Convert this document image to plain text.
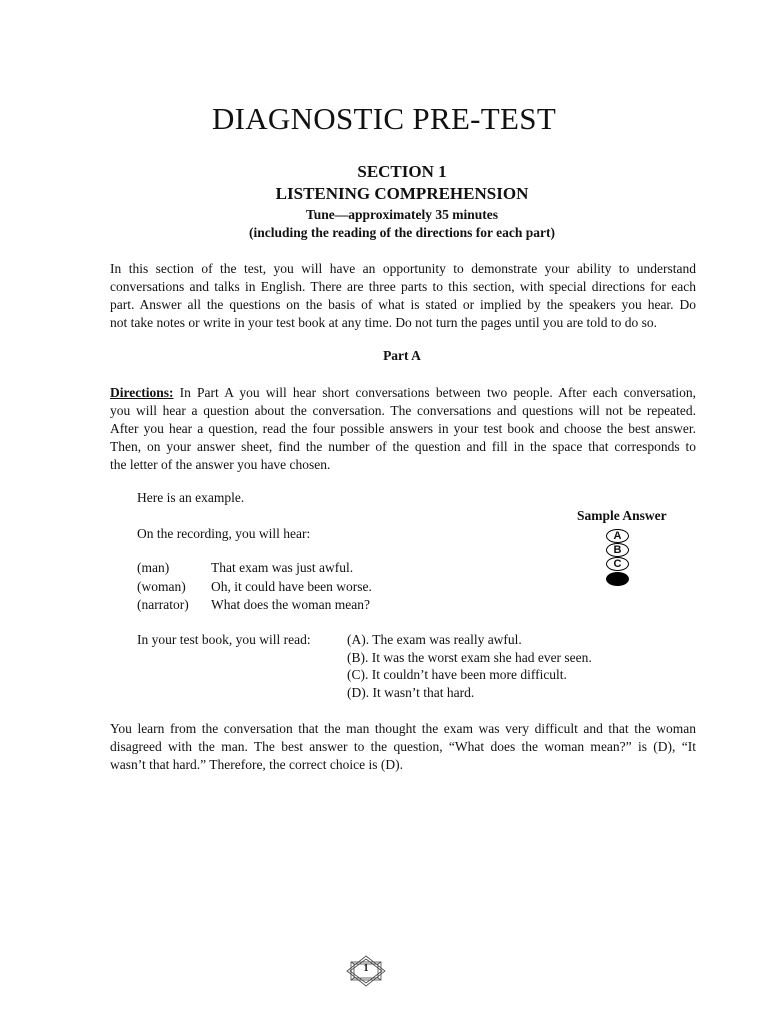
DIAGNOSTIC PRE-TEST
SECTION 1
LISTENING COMPREHENSION
Tune—approximately 35 minutes
(including the reading of the directions for each part)
In this section of the test, you will have an opportunity to demonstrate your ability to understand
conversations and talks in English. There are three parts to this section, with special directions for each
part. Answer all the questions on the basis of what is stated or implied by the speakers you hear. Do
not take notes or write in your test book at any time. Do not turn the pages until you are told to do so.
Part A
Directions: In Part A you will hear short conversations between two people. After each conversation,
you will hear a question about the conversation. The conversations and questions will not be repeated.
After you hear a question, read the four possible answers in your test book and choose the best answer.
Then, on your answer sheet, find the number of the question and fill in the space that corresponds to
the letter of the answer you have chosen.
Here is an example.
On the recording, you will hear:
(man)	That exam was just awful.
(woman) Oh, it could have been worse.
(narrator) What does the woman mean?
Sample Answer
A
B
C
D
In your test book, you will read:	(A). The exam was really awful.
(B). It was the worst exam she had ever seen.
(C). It couldn’t have been more difficult.
(D). It wasn’t that hard.
You learn from the conversation that the man thought the exam was very difficult and that the woman
disagreed with the man. The best answer to the question, “What does the woman mean?” is (D), “It
wasn’t that hard.” Therefore, the correct choice is (D).
1
